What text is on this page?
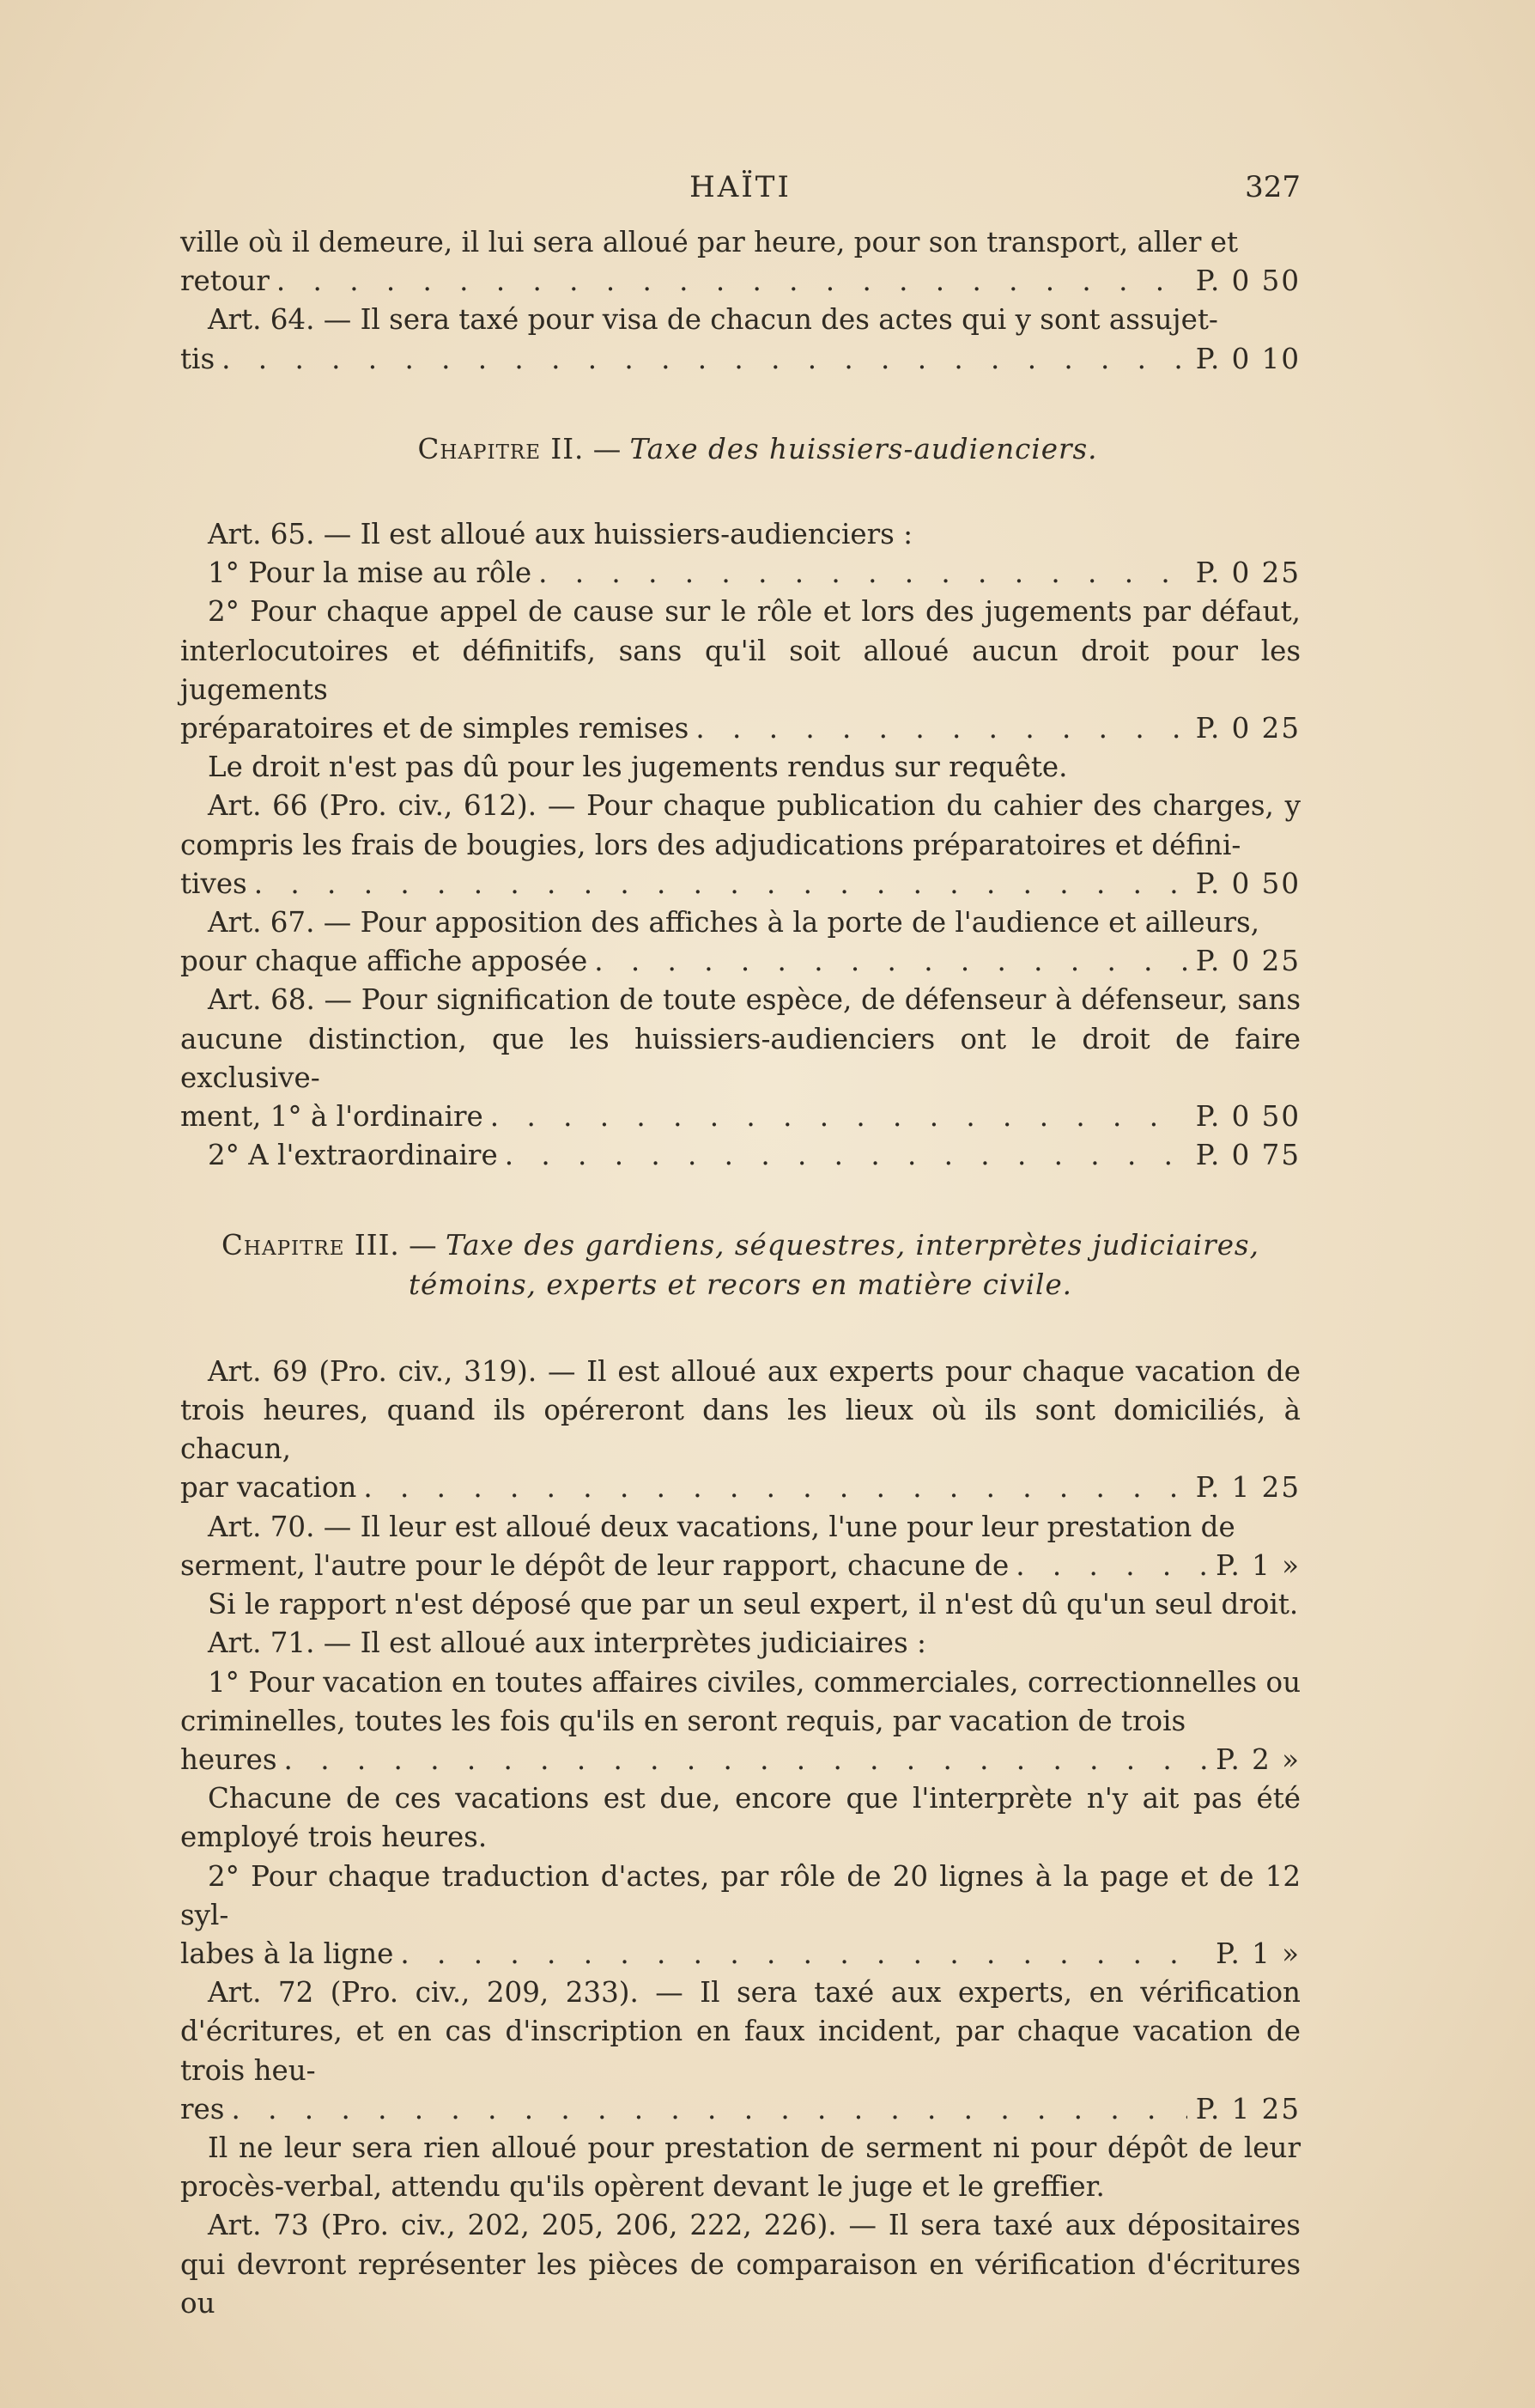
HAÏTI	327

ville où il demeure, il lui sera alloué par heure, pour son transport, aller et

retour . . .	P. 0 50

Art. 64. — Il sera taxé pour visa de chacun des actes qui y sont assujet-

tis . . .	P. 0 10

Chapitre II. — Taxe des huissiers-audienciers.

Art. 65. — Il est alloué aux huissiers-audienciers :

1° Pour la mise au rôle . . .	P. 0 25

2° Pour chaque appel de cause sur le rôle et lors des jugements par défaut, interlocutoires et définitifs, sans qu'il soit alloué aucun droit pour les jugements

préparatoires et de simples remises . . .	P. 0 25

Le droit n'est pas dû pour les jugements rendus sur requête.

Art. 66 (Pro. civ., 612). — Pour chaque publication du cahier des charges, y compris les frais de bougies, lors des adjudications préparatoires et défini-

tives . . .	P. 0 50

Art. 67. — Pour apposition des affiches à la porte de l'audience et ailleurs,

pour chaque affiche apposée . . .	P. 0 25

Art. 68. — Pour signification de toute espèce, de défenseur à défenseur, sans aucune distinction, que les huissiers-audienciers ont le droit de faire exclusive-

ment, 1° à l'ordinaire . . .	P. 0 50
2° A l'extraordinaire . . .	P. 0 75

Chapitre III. — Taxe des gardiens, séquestres, interprètes judiciaires,

témoins, experts et recors en matière civile.

Art. 69 (Pro. civ., 319). — Il est alloué aux experts pour chaque vacation de trois heures, quand ils opéreront dans les lieux où ils sont domiciliés, à chacun,

par vacation . . .	P. 1 25

Art. 70. — Il leur est alloué deux vacations, l'une pour leur prestation de

serment, l'autre pour le dépôt de leur rapport, chacune de . . .	P. 1 »

Si le rapport n'est déposé que par un seul expert, il n'est dû qu'un seul droit.

Art. 71. — Il est alloué aux interprètes judiciaires :

1° Pour vacation en toutes affaires civiles, commerciales, correctionnelles ou criminelles, toutes les fois qu'ils en seront requis, par vacation de trois

heures . . .	P. 2 »

Chacune de ces vacations est due, encore que l'interprète n'y ait pas été employé trois heures.

2° Pour chaque traduction d'actes, par rôle de 20 lignes à la page et de 12 syl-

labes à la ligne . . .	P. 1 »

Art. 72 (Pro. civ., 209, 233). — Il sera taxé aux experts, en vérification d'écritures, et en cas d'inscription en faux incident, par chaque vacation de trois heu-

res . . .	P. 1 25

Il ne leur sera rien alloué pour prestation de serment ni pour dépôt de leur procès-verbal, attendu qu'ils opèrent devant le juge et le greffier.

Art. 73 (Pro. civ., 202, 205, 206, 222, 226). — Il sera taxé aux dépositaires qui devront représenter les pièces de comparaison en vérification d'écritures ou
